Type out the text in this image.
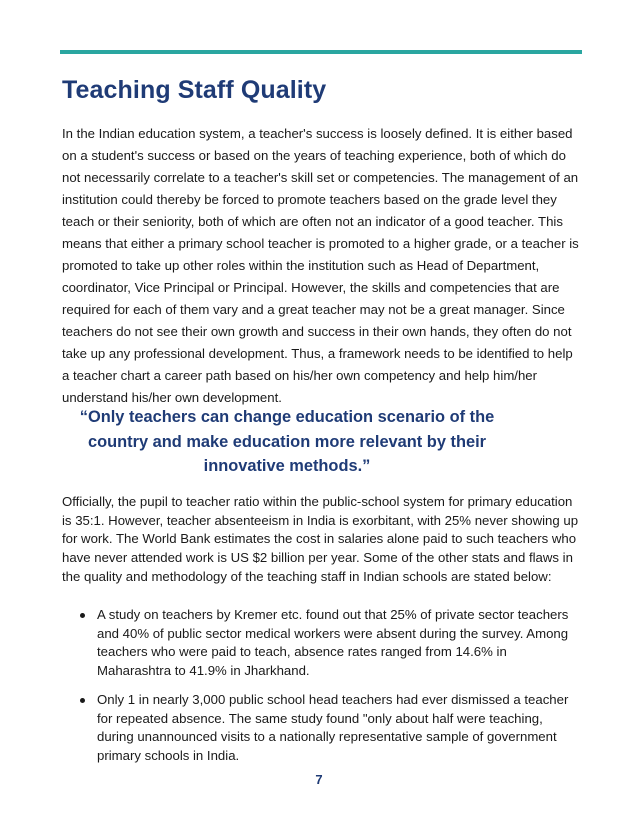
Teaching Staff Quality

In the Indian education system, a teacher's success is loosely defined. It is either based on a student's success or based on the years of teaching experience, both of which do not necessarily correlate to a teacher's skill set or competencies. The management of an institution could thereby be forced to promote teachers based on the grade level they teach or their seniority, both of which are often not an indicator of a good teacher. This means that either a primary school teacher is promoted to a higher grade, or a teacher is promoted to take up other roles within the institution such as Head of Department, coordinator, Vice Principal or Principal. However, the skills and competencies that are required for each of them vary and a great teacher may not be a great manager. Since teachers do not see their own growth and success in their own hands, they often do not take up any professional development. Thus, a framework needs to be identified to help a teacher chart a career path based on his/her own competency and help him/her understand his/her own development.

“Only teachers can change education scenario of the country and make education more relevant by their innovative methods.”

Officially, the pupil to teacher ratio within the public-school system for primary education is 35:1. However, teacher absenteeism in India is exorbitant, with 25% never showing up for work. The World Bank estimates the cost in salaries alone paid to such teachers who have never attended work is US $2 billion per year. Some of the other stats and flaws in the quality and methodology of the teaching staff in Indian schools are stated below:

A study on teachers by Kremer etc. found out that 25% of private sector teachers and 40% of public sector medical workers were absent during the survey. Among teachers who were paid to teach, absence rates ranged from 14.6% in Maharashtra to 41.9% in Jharkhand.
Only 1 in nearly 3,000 public school head teachers had ever dismissed a teacher for repeated absence. The same study found "only about half were teaching, during unannounced visits to a nationally representative sample of government primary schools in India.
7
